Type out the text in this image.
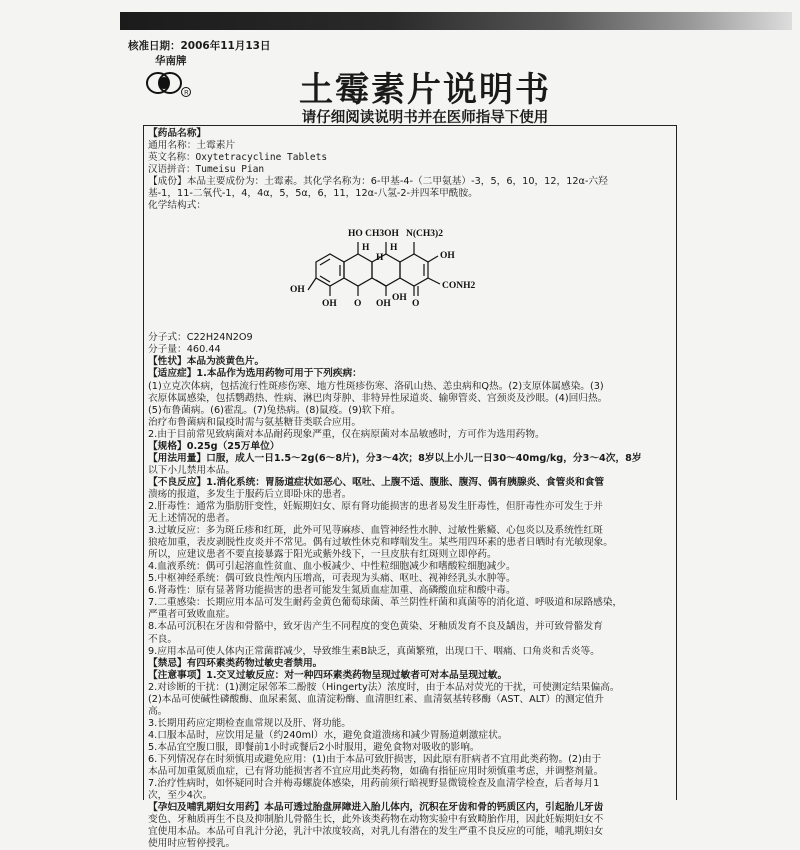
核准日期：2006年11月13日
华南牌
R	土霉素片说明书
请仔细阅读说明书并在医师指导下使用
【药品名称】
通用名称：土霉素片
英文名称：Oxytetracycline Tablets
汉语拼音：Tumeisu Pian
【成份】本品主要成份为：土霉素。其化学名称为：6-甲基-4-（二甲氨基）-3，5，6，10，12，12α-六羟
基-1，11-二氧代-1，4，4α，5，5α，6，11，12α-八氢-2-并四苯甲酰胺。
化学结构式：
分子式：C22H24N2O9
分子量：460.44
【性状】本品为淡黄色片。
【适应症】1.本品作为选用药物可用于下列疾病：
(1)立克次体病，包括流行性斑疹伤寒、地方性斑疹伤寒、洛矶山热、恙虫病和Q热。(2)支原体属感染。(3)
衣原体属感染，包括鹦鹉热、性病、淋巴肉芽肿、非特异性尿道炎、输卵管炎、宫颈炎及沙眼。(4)回归热。
(5)布鲁菌病。(6)霍乱。(7)兔热病。(8)鼠疫。(9)软下疳。
治疗布鲁菌病和鼠疫时需与氨基糖苷类联合应用。
2.由于目前常见致病菌对本品耐药现象严重，仅在病原菌对本品敏感时，方可作为选用药物。
【规格】0.25g（25万单位）
【用法用量】口服，成人一日1.5～2g(6～8片)，分3～4次；8岁以上小儿一日30～40mg/kg，分3～4次，8岁
以下小儿禁用本品。
【不良反应】1.消化系统：胃肠道症状如恶心、呕吐、上腹不适、腹胀、腹泻、偶有胰腺炎、食管炎和食管
溃疡的报道，多发生于服药后立即卧床的患者。
2.肝毒性：通常为脂肪肝变性，妊娠期妇女、原有肾功能损害的患者易发生肝毒性，但肝毒性亦可发生于并
无上述情况的患者。
3.过敏反应：多为斑丘疹和红斑，此外可见荨麻疹、血管神经性水肿、过敏性紫癜、心包炎以及系统性红斑
狼疮加重，表皮剥脱性皮炎并不常见。偶有过敏性休克和哮喘发生。某些用四环素的患者日晒时有光敏现象。
所以，应建议患者不要直接暴露于阳光或紫外线下，一旦皮肤有红斑则立即停药。
4.血液系统：偶可引起溶血性贫血、血小板减少、中性粒细胞减少和嗜酸粒细胞减少。
5.中枢神经系统：偶可致良性颅内压增高，可表现为头痛、呕吐、视神经乳头水肿等。
6.肾毒性：原有显著肾功能损害的患者可能发生氮质血症加重、高磷酸血症和酸中毒。
7.二重感染：长期应用本品可发生耐药金黄色葡萄球菌、革兰阴性杆菌和真菌等的消化道、呼吸道和尿路感染，
严重者可致败血症。
8.本品可沉积在牙齿和骨骼中，致牙齿产生不同程度的变色黄染、牙釉质发育不良及龋齿，并可致骨骼发育
不良。
9.应用本品可使人体内正常菌群减少，导致维生素B缺乏，真菌繁殖，出现口干、咽痛、口角炎和舌炎等。
【禁忌】有四环素类药物过敏史者禁用。
【注意事项】1.交叉过敏反应：对一种四环素类药物呈现过敏者可对本品呈现过敏。
2.对诊断的干扰：(1)测定尿邻苯二酚胺（Hingerty法）浓度时，由于本品对荧光的干扰，可使测定结果偏高。
(2)本品可使碱性磷酸酶、血尿素氮、血清淀粉酶、血清胆红素、血清氨基转移酶（AST、ALT）的测定值升
高。
3.长期用药应定期检查血常规以及肝、肾功能。
4.口服本品时，应饮用足量（约240ml）水，避免食道溃疡和减少胃肠道刺激症状。
5.本品宜空腹口服，即餐前1小时或餐后2小时服用，避免食物对吸收的影响。
6.下列情况存在时须慎用或避免应用：(1)由于本品可致肝损害，因此原有肝病者不宜用此类药物。(2)由于
本品可加重氮质血症，已有肾功能损害者不宜应用此类药物，如确有指征应用时须慎重考虑，并调整剂量。
7.治疗性病时，如怀疑同时合并梅毒螺旋体感染，用药前须行暗视野显微镜检查及血清学检查，后者每月1
次，至少4次。
【孕妇及哺乳期妇女用药】本品可透过胎盘屏障进入胎儿体内，沉积在牙齿和骨的钙质区内，引起胎儿牙齿
变色、牙釉质再生不良及抑制胎儿骨骼生长，此外该类药物在动物实验中有致畸胎作用，因此妊娠期妇女不
宜使用本品。本品可自乳汁分泌，乳汁中浓度较高，对乳儿有潜在的发生严重不良反应的可能，哺乳期妇女
使用时应暂停授乳。
HO CH3OH N(CH3)2
OH
CONH2
OH
H H
H
OH O OH
OH
O
